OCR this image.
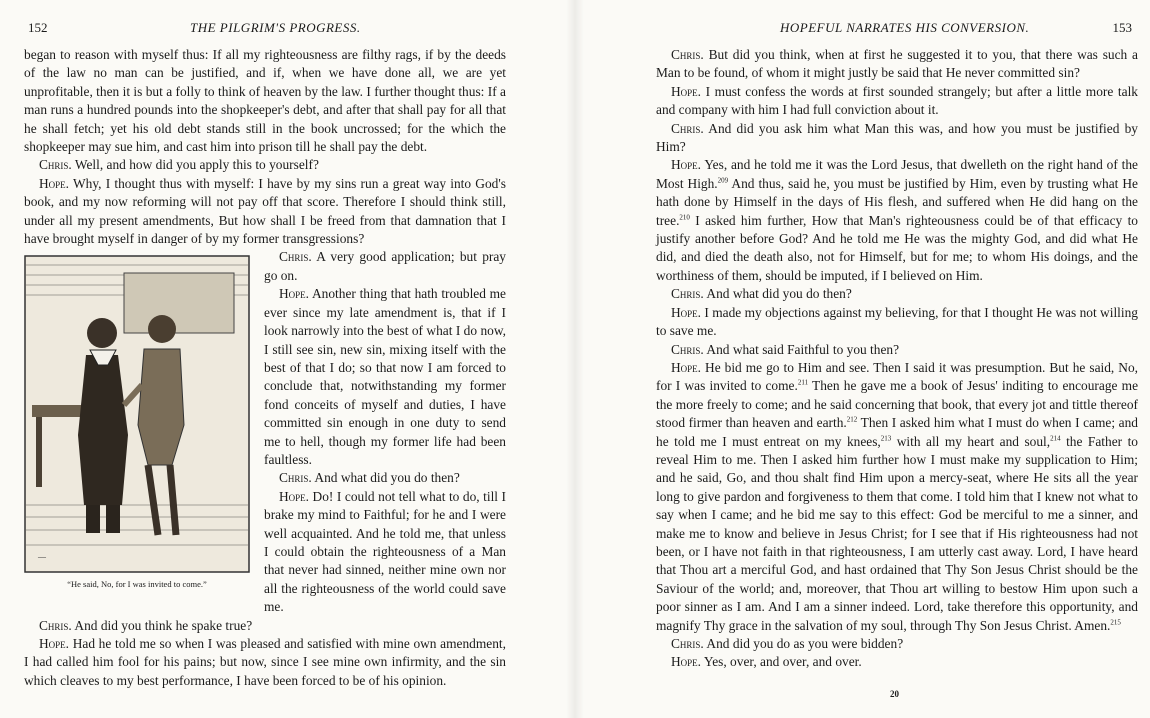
152	THE PILGRIM'S PROGRESS.

began to reason with myself thus: If all my righteousness are filthy rags, if by the deeds of the law no man can be justified, and if, when we have done all, we are yet unprofitable, then it is but a folly to think of heaven by the law. I further thought thus: If a man runs a hundred pounds into the shopkeeper's debt, and after that shall pay for all that he shall fetch; yet his old debt stands still in the book uncrossed; for the which the shopkeeper may sue him, and cast him into prison till he shall pay the debt.

Chris. Well, and how did you apply this to yourself?

Hope. Why, I thought thus with myself: I have by my sins run a great way into God's book, and my now reforming will not pay off that score. Therefore I should think still, under all my present amendments, But how shall I be freed from that damnation that I have brought myself in danger of by my former transgressions?

—
“He said, No, for I was invited to come.”

Chris. A very good application; but pray go on.

Hope. Another thing that hath troubled me ever since my late amendment is, that if I look narrowly into the best of what I do now, I still see sin, new sin, mixing itself with the best of that I do; so that now I am forced to conclude that, notwithstanding my former fond conceits of myself and duties, I have committed sin enough in one duty to send me to hell, though my former life had been faultless.

Chris. And what did you do then?

Hope. Do! I could not tell what to do, till I brake my mind to Faithful; for he and I were well acquainted. And he told me, that unless I could obtain the righteousness of a Man that never had sinned, neither mine own nor all the righteousness of the world could save me.

Chris. And did you think he spake true?

Hope. Had he told me so when I was pleased and satisfied with mine own amendment, I had called him fool for his pains; but now, since I see mine own infirmity, and the sin which cleaves to my best performance, I have been forced to be of his opinion.

HOPEFUL NARRATES HIS CONVERSION.	153

Chris. But did you think, when at first he suggested it to you, that there was such a Man to be found, of whom it might justly be said that He never committed sin?

Hope. I must confess the words at first sounded strangely; but after a little more talk and company with him I had full conviction about it.

Chris. And did you ask him what Man this was, and how you must be justified by Him?

Hope. Yes, and he told me it was the Lord Jesus, that dwelleth on the right hand of the Most High.$^{209}$ And thus, said he, you must be justified by Him, even by trusting what He hath done by Himself in the days of His flesh, and suffered when He did hang on the tree.$^{210}$ I asked him further, How that Man's righteousness could be of that efficacy to justify another before God? And he told me He was the mighty God, and did what He did, and died the death also, not for Himself, but for me; to whom His doings, and the worthiness of them, should be imputed, if I believed on Him.

Chris. And what did you do then?

Hope. I made my objections against my believing, for that I thought He was not willing to save me.

Chris. And what said Faithful to you then?

Hope. He bid me go to Him and see. Then I said it was presumption. But he said, No, for I was invited to come.$^{211}$ Then he gave me a book of Jesus' inditing to encourage me the more freely to come; and he said concerning that book, that every jot and tittle thereof stood firmer than heaven and earth.$^{212}$ Then I asked him what I must do when I came; and he told me I must entreat on my knees,$^{213}$ with all my heart and soul,$^{214}$ the Father to reveal Him to me. Then I asked him further how I must make my supplication to Him; and he said, Go, and thou shalt find Him upon a mercy-seat, where He sits all the year long to give pardon and forgiveness to them that come. I told him that I knew not what to say when I came; and he bid me say to this effect: God be merciful to me a sinner, and make me to know and believe in Jesus Christ; for I see that if His righteousness had not been, or I have not faith in that righteousness, I am utterly cast away. Lord, I have heard that Thou art a merciful God, and hast ordained that Thy Son Jesus Christ should be the Saviour of the world; and, moreover, that Thou art willing to bestow Him upon such a poor sinner as I am. And I am a sinner indeed. Lord, take therefore this opportunity, and magnify Thy grace in the salvation of my soul, through Thy Son Jesus Christ. Amen.$^{215}$

Chris. And did you do as you were bidden?

Hope. Yes, over, and over, and over.

20
